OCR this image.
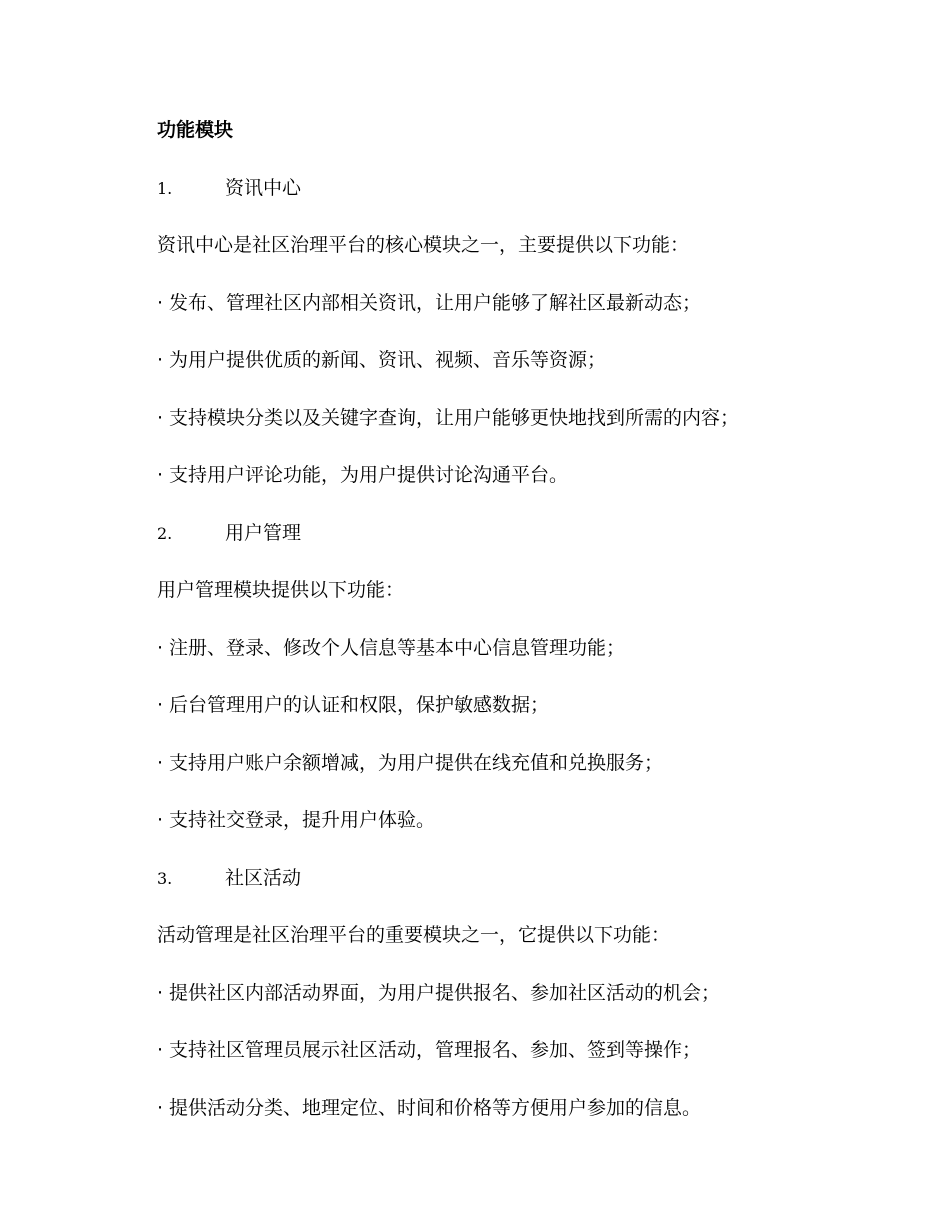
功能模块
1.	资讯中心
资讯中心是社区治理平台的核心模块之一，主要提供以下功能：
· 发布、管理社区内部相关资讯，让用户能够了解社区最新动态；
· 为用户提供优质的新闻、资讯、视频、音乐等资源；
· 支持模块分类以及关键字查询，让用户能够更快地找到所需的内容；
· 支持用户评论功能，为用户提供讨论沟通平台。
2.	用户管理
用户管理模块提供以下功能：
· 注册、登录、修改个人信息等基本中心信息管理功能；
· 后台管理用户的认证和权限，保护敏感数据；
· 支持用户账户余额增减，为用户提供在线充值和兑换服务；
· 支持社交登录，提升用户体验。
3.	社区活动
活动管理是社区治理平台的重要模块之一，它提供以下功能：
· 提供社区内部活动界面，为用户提供报名、参加社区活动的机会；
· 支持社区管理员展示社区活动，管理报名、参加、签到等操作；
· 提供活动分类、地理定位、时间和价格等方便用户参加的信息。
